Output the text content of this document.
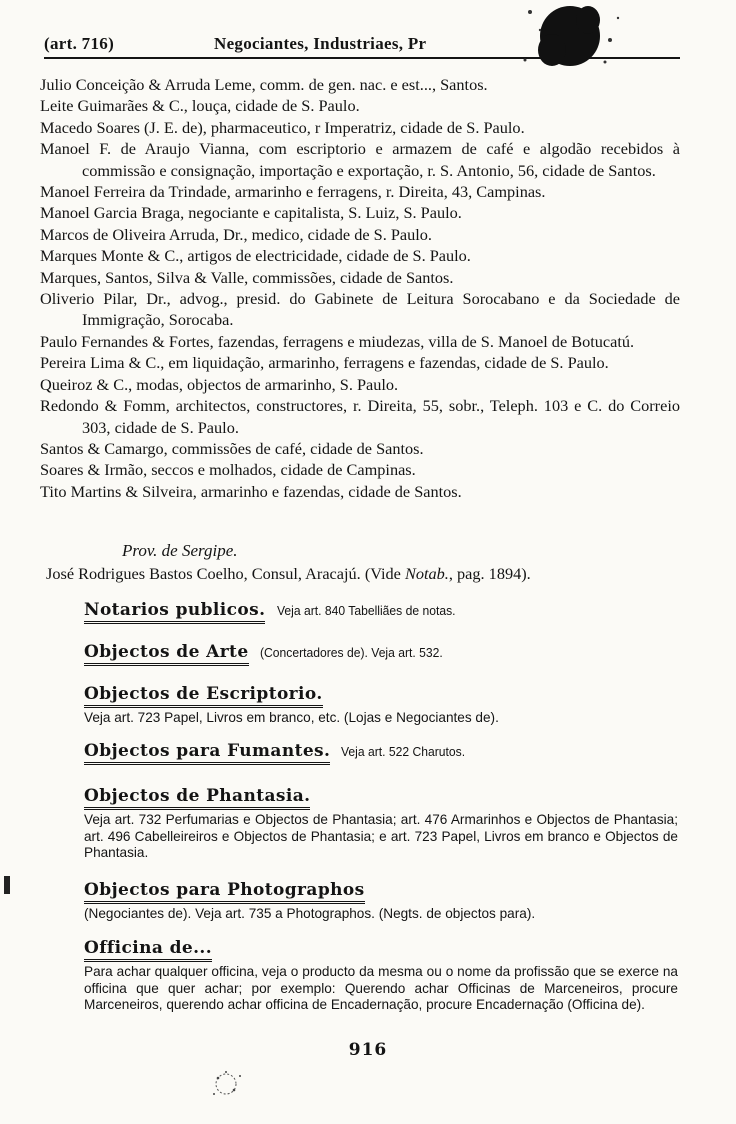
(art. 716)	Negociantes, Industriaes, Pr

Julio Conceição & Arruda Leme, comm. de gen. nac. e est..., Santos.

Leite Guimarães & C., louça, cidade de S. Paulo.

Macedo Soares (J. E. de), pharmaceutico, r Imperatriz, cidade de S. Paulo.

Manoel F. de Araujo Vianna, com escriptorio e armazem de café e algodão recebidos à commissão e consignação, importação e exportação, r. S. Antonio, 56, cidade de Santos.

Manoel Ferreira da Trindade, armarinho e ferragens, r. Direita, 43, Campinas.

Manoel Garcia Braga, negociante e capitalista, S. Luiz, S. Paulo.

Marcos de Oliveira Arruda, Dr., medico, cidade de S. Paulo.

Marques Monte & C., artigos de electricidade, cidade de S. Paulo.

Marques, Santos, Silva & Valle, commissões, cidade de Santos.

Oliverio Pilar, Dr., advog., presid. do Gabinete de Leitura Sorocabano e da Sociedade de Immigração, Sorocaba.

Paulo Fernandes & Fortes, fazendas, ferragens e miudezas, villa de S. Manoel de Botucatú.

Pereira Lima & C., em liquidação, armarinho, ferragens e fazendas, cidade de S. Paulo.

Queiroz & C., modas, objectos de armarinho, S. Paulo.

Redondo & Fomm, architectos, constructores, r. Direita, 55, sobr., Teleph. 103 e C. do Correio 303, cidade de S. Paulo.

Santos & Camargo, commissões de café, cidade de Santos.

Soares & Irmão, seccos e molhados, cidade de Campinas.

Tito Martins & Silveira, armarinho e fazendas, cidade de Santos.

Prov. de Sergipe.
José Rodrigues Bastos Coelho, Consul, Aracajú. (Vide Notab., pag. 1894).
Notarios publicos. Veja art. 840 Tabelliães de notas.
Objectos de Arte (Concertadores de). Veja art. 532.
Objectos de Escriptorio.
Veja art. 723 Papel, Livros em branco, etc. (Lojas e Negociantes de).
Objectos para Fumantes. Veja art. 522 Charutos.
Objectos de Phantasia.
Veja art. 732 Perfumarias e Objectos de Phantasia; art. 476 Armarinhos e Objectos de Phantasia; art. 496 Cabelleireiros e Objectos de Phantasia; e art. 723 Papel, Livros em branco e Objectos de Phantasia.
Objectos para Photographos
(Negociantes de). Veja art. 735 a Photographos. (Negts. de objectos para).
Officina de...
Para achar qualquer officina, veja o producto da mesma ou o nome da profissão que se exerce na officina que quer achar; por exemplo: Querendo achar Officinas de Marceneiros, procure Marceneiros, querendo achar officina de Encadernação, procure Encadernação (Officina de).
916
